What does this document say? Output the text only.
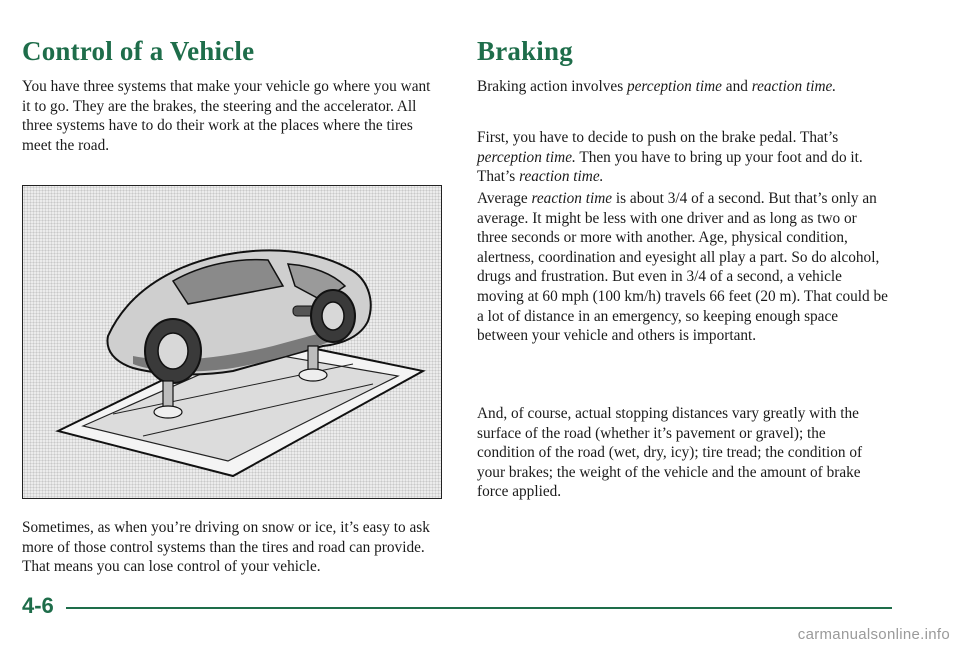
Control of a Vehicle

You have three systems that make your vehicle go where you want it to go. They are the brakes, the steering and the accelerator. All three systems have to do their work at the places where the tires meet the road.

Sometimes, as when you’re driving on snow or ice, it’s easy to ask more of those control systems than the tires and road can provide. That means you can lose control of your vehicle.

Braking

Braking action involves perception time and reaction time.

First, you have to decide to push on the brake pedal. That’s perception time. Then you have to bring up your foot and do it. That’s reaction time.

Average reaction time is about 3/4 of a second. But that’s only an average. It might be less with one driver and as long as two or three seconds or more with another. Age, physical condition, alertness, coordination and eyesight all play a part. So do alcohol, drugs and frustration. But even in 3/4 of a second, a vehicle moving at 60 mph (100 km/h) travels 66 feet (20 m). That could be a lot of distance in an emergency, so keeping enough space between your vehicle and others is important.

And, of course, actual stopping distances vary greatly with the surface of the road (whether it’s pavement or gravel); the condition of the road (wet, dry, icy); tire tread; the condition of your brakes; the weight of the vehicle and the amount of brake force applied.

4-6
carmanualsonline.info
